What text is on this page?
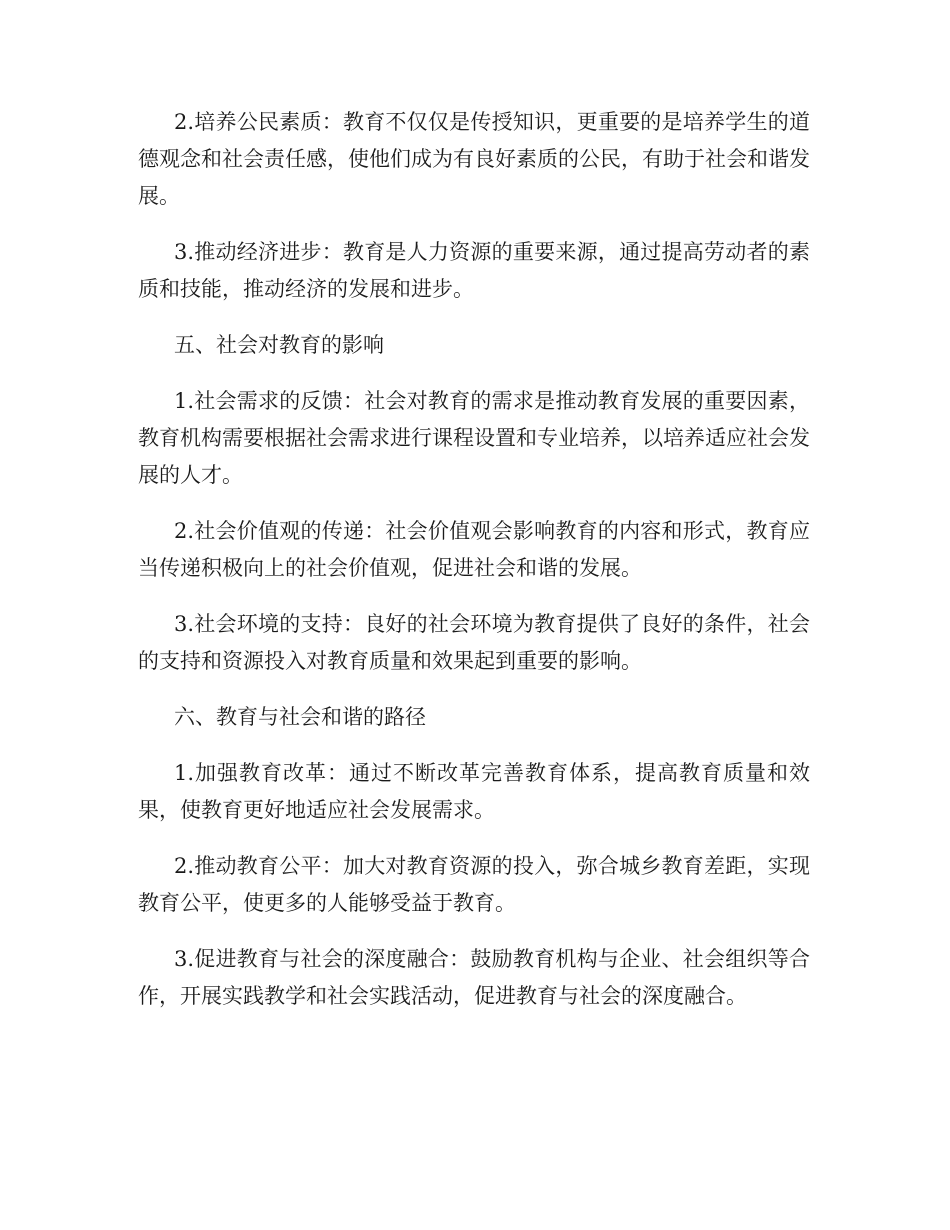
2.培养公民素质：教育不仅仅是传授知识，更重要的是培养学生的道德观念和社会责任感，使他们成为有良好素质的公民，有助于社会和谐发展。

3.推动经济进步：教育是人力资源的重要来源，通过提高劳动者的素质和技能，推动经济的发展和进步。

五、社会对教育的影响

1.社会需求的反馈：社会对教育的需求是推动教育发展的重要因素，教育机构需要根据社会需求进行课程设置和专业培养，以培养适应社会发展的人才。

2.社会价值观的传递：社会价值观会影响教育的内容和形式，教育应当传递积极向上的社会价值观，促进社会和谐的发展。

3.社会环境的支持：良好的社会环境为教育提供了良好的条件，社会的支持和资源投入对教育质量和效果起到重要的影响。

六、教育与社会和谐的路径

1.加强教育改革：通过不断改革完善教育体系，提高教育质量和效果，使教育更好地适应社会发展需求。

2.推动教育公平：加大对教育资源的投入，弥合城乡教育差距，实现教育公平，使更多的人能够受益于教育。

3.促进教育与社会的深度融合：鼓励教育机构与企业、社会组织等合作，开展实践教学和社会实践活动，促进教育与社会的深度融合。
